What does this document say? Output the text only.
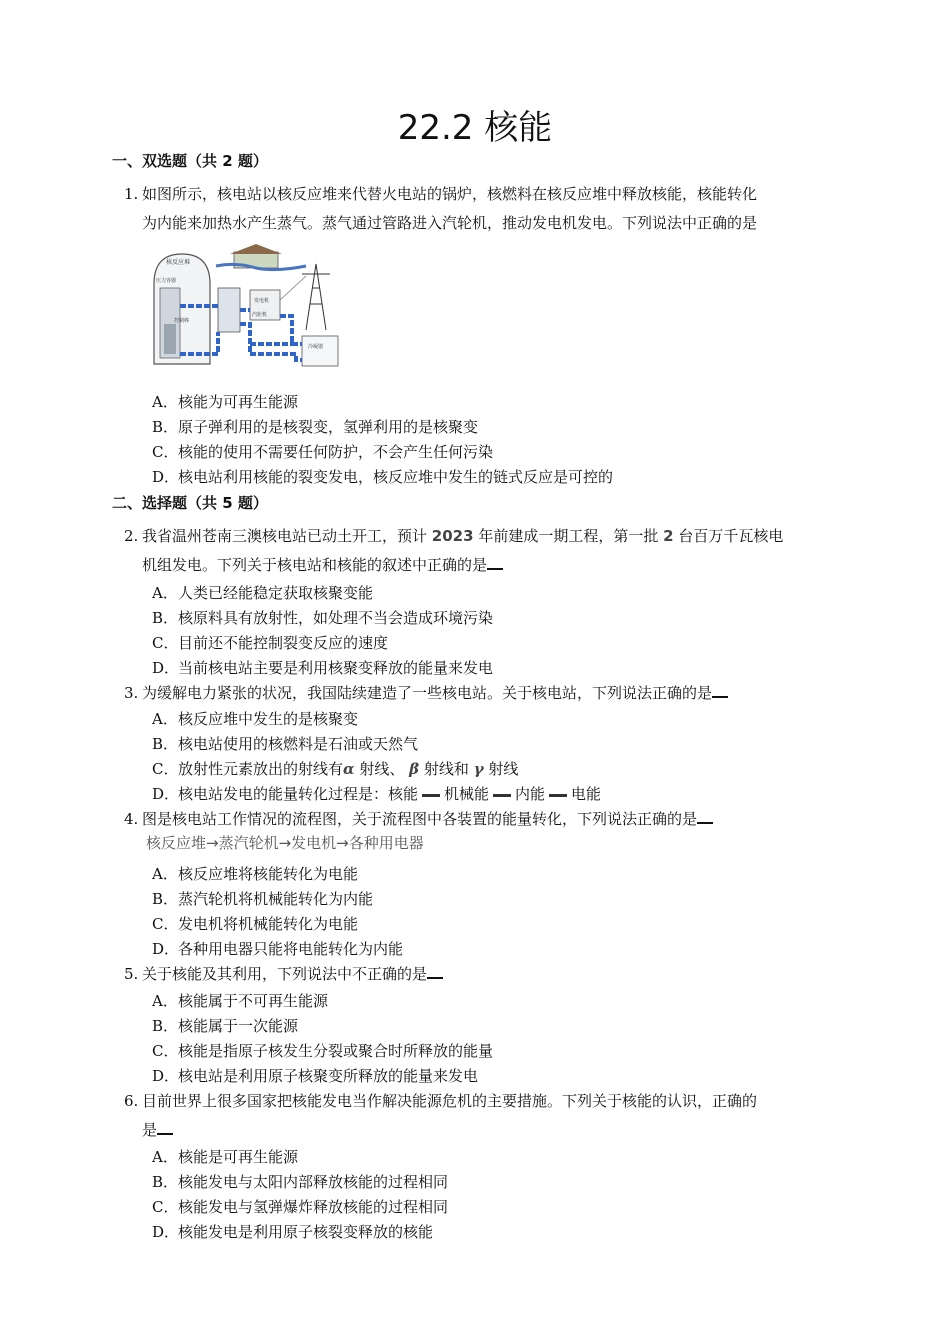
22.2 核能
一、双选题（共 2 题）
1. 如图所示，核电站以核反应堆来代替火电站的锅炉，核燃料在核反应堆中释放核能，核能转化
为内能来加热水产生蒸气。蒸气通过管路进入汽轮机，推动发电机发电。下列说法中正确的是
核反应堆
压力容器
控制棒
发电机
汽轮机
冷凝器
A．核能为可再生能源
B．原子弹利用的是核裂变，氢弹利用的是核聚变
C．核能的使用不需要任何防护，不会产生任何污染
D．核电站利用核能的裂变发电，核反应堆中发生的链式反应是可控的
二、选择题（共 5 题）
2. 我省温州苍南三澳核电站已动土开工，预计 2023 年前建成一期工程，第一批 2 台百万千瓦核电
机组发电。下列关于核电站和核能的叙述中正确的是
A．人类已经能稳定获取核聚变能
B．核原料具有放射性，如处理不当会造成环境污染
C．目前还不能控制裂变反应的速度
D．当前核电站主要是利用核聚变释放的能量来发电
3. 为缓解电力紧张的状况，我国陆续建造了一些核电站。关于核电站，下列说法正确的是
A．核反应堆中发生的是核聚变
B．核电站使用的核燃料是石油或天然气
C．放射性元素放出的射线有α 射线、 β 射线和 γ 射线
D．核电站发电的能量转化过程是：核能 机械能 内能 电能
4. 图是核电站工作情况的流程图，关于流程图中各装置的能量转化，下列说法正确的是
核反应堆→蒸汽轮机→发电机→各种用电器
A．核反应堆将核能转化为电能
B．蒸汽轮机将机械能转化为内能
C．发电机将机械能转化为电能
D．各种用电器只能将电能转化为内能
5. 关于核能及其利用，下列说法中不正确的是
A．核能属于不可再生能源
B．核能属于一次能源
C．核能是指原子核发生分裂或聚合时所释放的能量
D．核电站是利用原子核聚变所释放的能量来发电
6. 目前世界上很多国家把核能发电当作解决能源危机的主要措施。下列关于核能的认识，正确的
是
A．核能是可再生能源
B．核能发电与太阳内部释放核能的过程相同
C．核能发电与氢弹爆炸释放核能的过程相同
D．核能发电是利用原子核裂变释放的核能
